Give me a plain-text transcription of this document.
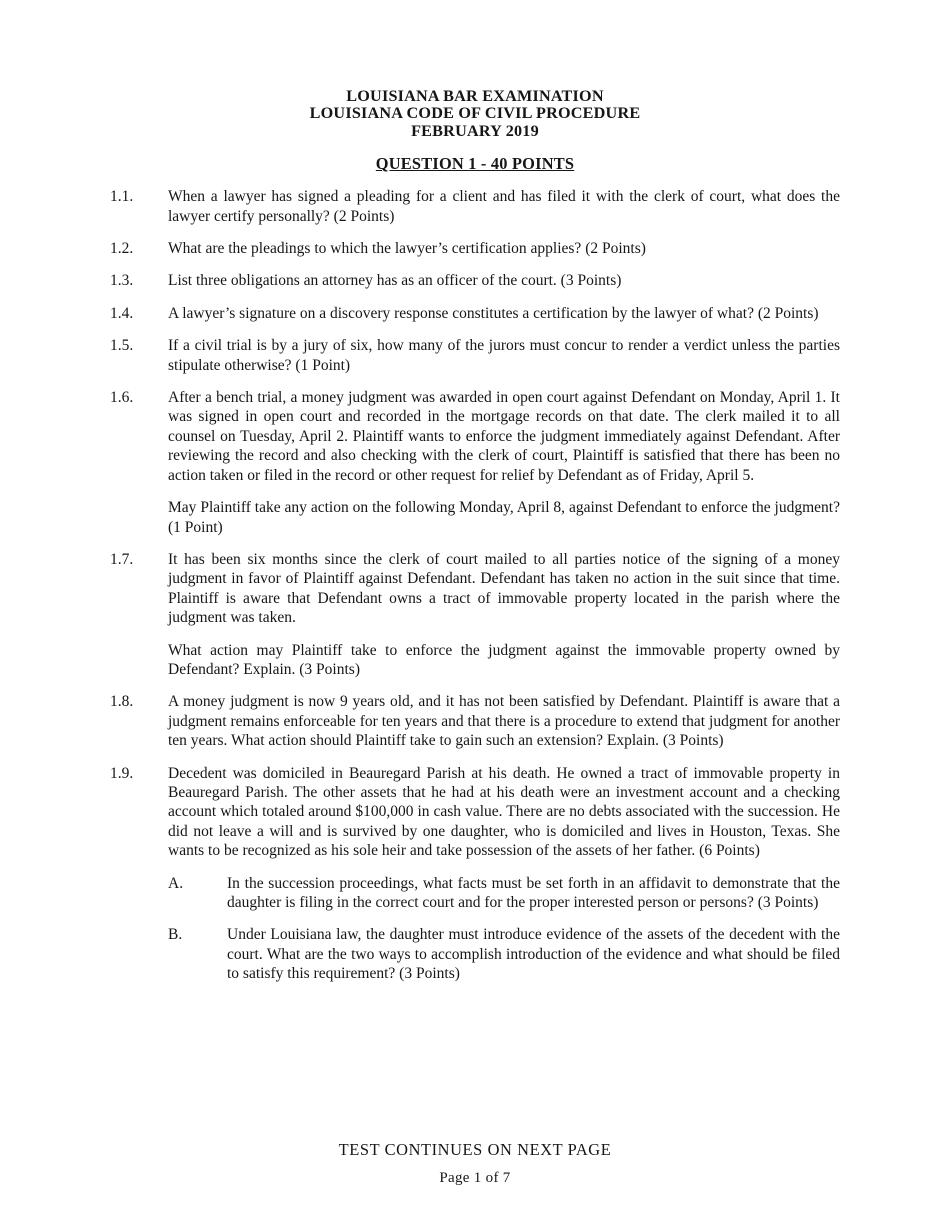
LOUISIANA BAR EXAMINATION
LOUISIANA CODE OF CIVIL PROCEDURE
FEBRUARY 2019
QUESTION 1 - 40 POINTS
1.1.	When a lawyer has signed a pleading for a client and has filed it with the clerk of court, what does the lawyer certify personally? (2 Points)

1.2.	What are the pleadings to which the lawyer’s certification applies? (2 Points)

1.3.	List three obligations an attorney has as an officer of the court. (3 Points)

1.4.	A lawyer’s signature on a discovery response constitutes a certification by the lawyer of what? (2 Points)

1.5.	If a civil trial is by a jury of six, how many of the jurors must concur to render a verdict unless the parties stipulate otherwise? (1 Point)

1.6.	After a bench trial, a money judgment was awarded in open court against Defendant on Monday, April 1. It was signed in open court and recorded in the mortgage records on that date. The clerk mailed it to all counsel on Tuesday, April 2. Plaintiff wants to enforce the judgment immediately against Defendant. After reviewing the record and also checking with the clerk of court, Plaintiff is satisfied that there has been no action taken or filed in the record or other request for relief by Defendant as of Friday, April 5.

May Plaintiff take any action on the following Monday, April 8, against Defendant to enforce the judgment? (1 Point)

1.7.	It has been six months since the clerk of court mailed to all parties notice of the signing of a money judgment in favor of Plaintiff against Defendant. Defendant has taken no action in the suit since that time. Plaintiff is aware that Defendant owns a tract of immovable property located in the parish where the judgment was taken.

What action may Plaintiff take to enforce the judgment against the immovable property owned by Defendant? Explain. (3 Points)

1.8.	A money judgment is now 9 years old, and it has not been satisfied by Defendant. Plaintiff is aware that a judgment remains enforceable for ten years and that there is a procedure to extend that judgment for another ten years. What action should Plaintiff take to gain such an extension? Explain. (3 Points)

1.9.	Decedent was domiciled in Beauregard Parish at his death. He owned a tract of immovable property in Beauregard Parish. The other assets that he had at his death were an investment account and a checking account which totaled around $100,000 in cash value. There are no debts associated with the succession. He did not leave a will and is survived by one daughter, who is domiciled and lives in Houston, Texas. She wants to be recognized as his sole heir and take possession of the assets of her father. (6 Points)

A.	In the succession proceedings, what facts must be set forth in an affidavit to demonstrate that the daughter is filing in the correct court and for the proper interested person or persons? (3 Points)
B.	Under Louisiana law, the daughter must introduce evidence of the assets of the decedent with the court. What are the two ways to accomplish introduction of the evidence and what should be filed to satisfy this requirement? (3 Points)
TEST CONTINUES ON NEXT PAGE
Page 1 of 7
